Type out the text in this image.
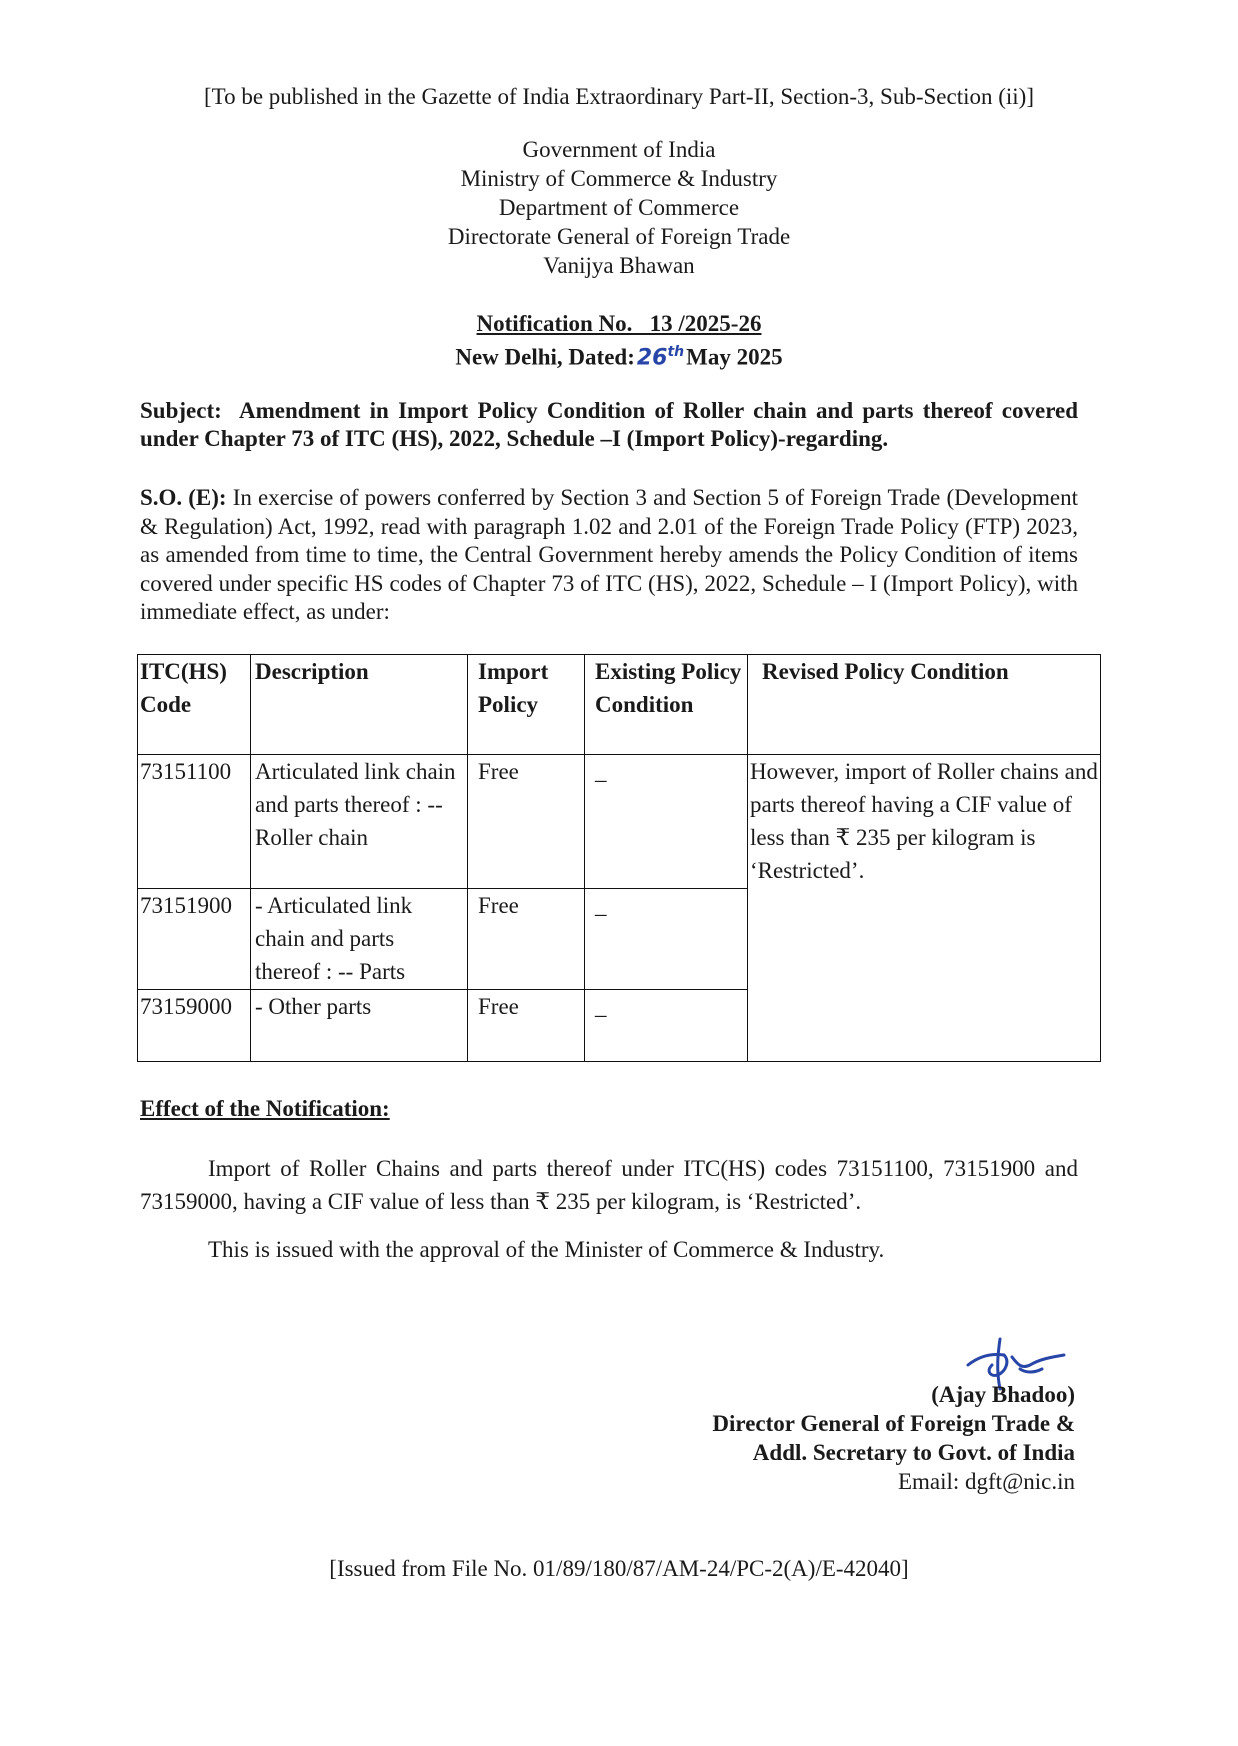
[To be published in the Gazette of India Extraordinary Part-II, Section-3, Sub-Section (ii)]
Government of India
Ministry of Commerce & Industry
Department of Commerce
Directorate General of Foreign Trade
Vanijya Bhawan
Notification No.   13 /2025-26
New Delhi, Dated:26thMay 2025
Subject: Amendment in Import Policy Condition of Roller chain and parts thereof covered under Chapter 73 of ITC (HS), 2022, Schedule –I (Import Policy)-regarding.
S.O. (E): In exercise of powers conferred by Section 3 and Section 5 of Foreign Trade (Development & Regulation) Act, 1992, read with paragraph 1.02 and 2.01 of the Foreign Trade Policy (FTP) 2023, as amended from time to time, the Central Government hereby amends the Policy Condition of items covered under specific HS codes of Chapter 73 of ITC (HS), 2022, Schedule – I (Import Policy), with immediate effect, as under:
ITC(HS) Code	Description	Import Policy	Existing Policy Condition	Revised Policy Condition
73151100	Articulated link chain and parts thereof : -- Roller chain	Free	_	However, import of Roller chains and parts thereof having a CIF value of less than ₹ 235 per kilogram is ‘Restricted’.
73151900	- Articulated link chain and parts thereof : -- Parts	Free	_	
73159000	- Other parts	Free	_	
Effect of the Notification:
Import of Roller Chains and parts thereof under ITC(HS) codes 73151100, 73151900 and 73159000, having a CIF value of less than ₹ 235 per kilogram, is ‘Restricted’.
This is issued with the approval of the Minister of Commerce & Industry.
(Ajay Bhadoo)
Director General of Foreign Trade &
Addl. Secretary to Govt. of India
Email: dgft@nic.in
[Issued from File No. 01/89/180/87/AM-24/PC-2(A)/E-42040]
